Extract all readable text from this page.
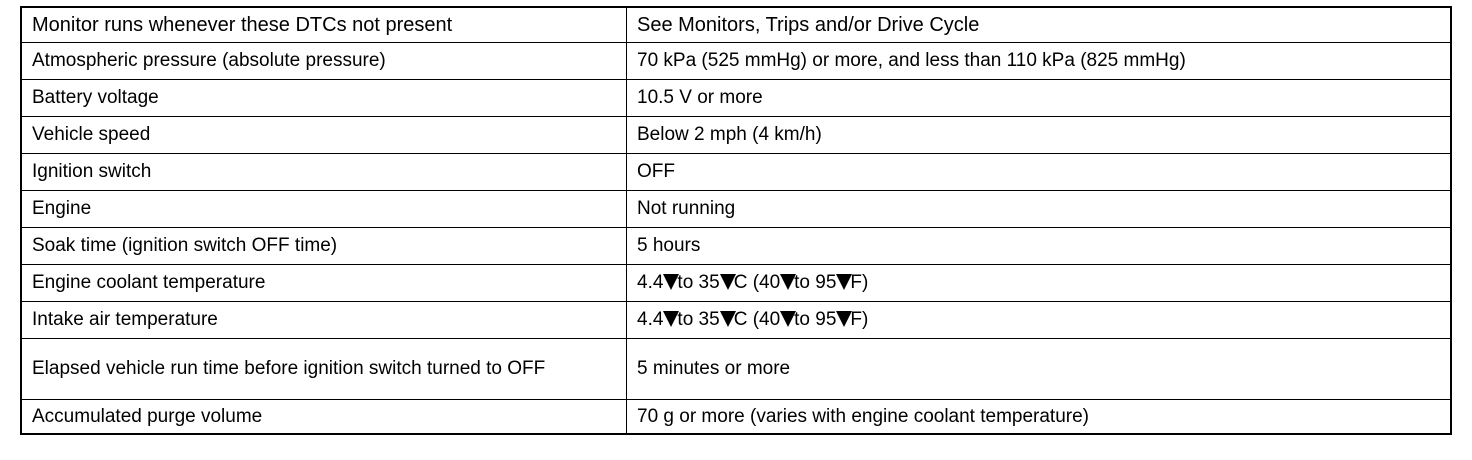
Monitor runs whenever these DTCs not present	See Monitors, Trips and/or Drive Cycle
Atmospheric pressure (absolute pressure)	70 kPa (525 mmHg) or more, and less than 110 kPa (825 mmHg)
Battery voltage	10.5 V or more
Vehicle speed	Below 2 mph (4 km/h)
Ignition switch	OFF
Engine	Not running
Soak time (ignition switch OFF time)	5 hours
Engine coolant temperature	4.4 to 35 C (40 to 95 F)
Intake air temperature	4.4 to 35 C (40 to 95 F)
Elapsed vehicle run time before ignition switch turned to OFF	5 minutes or more
Accumulated purge volume	70 g or more (varies with engine coolant temperature)
